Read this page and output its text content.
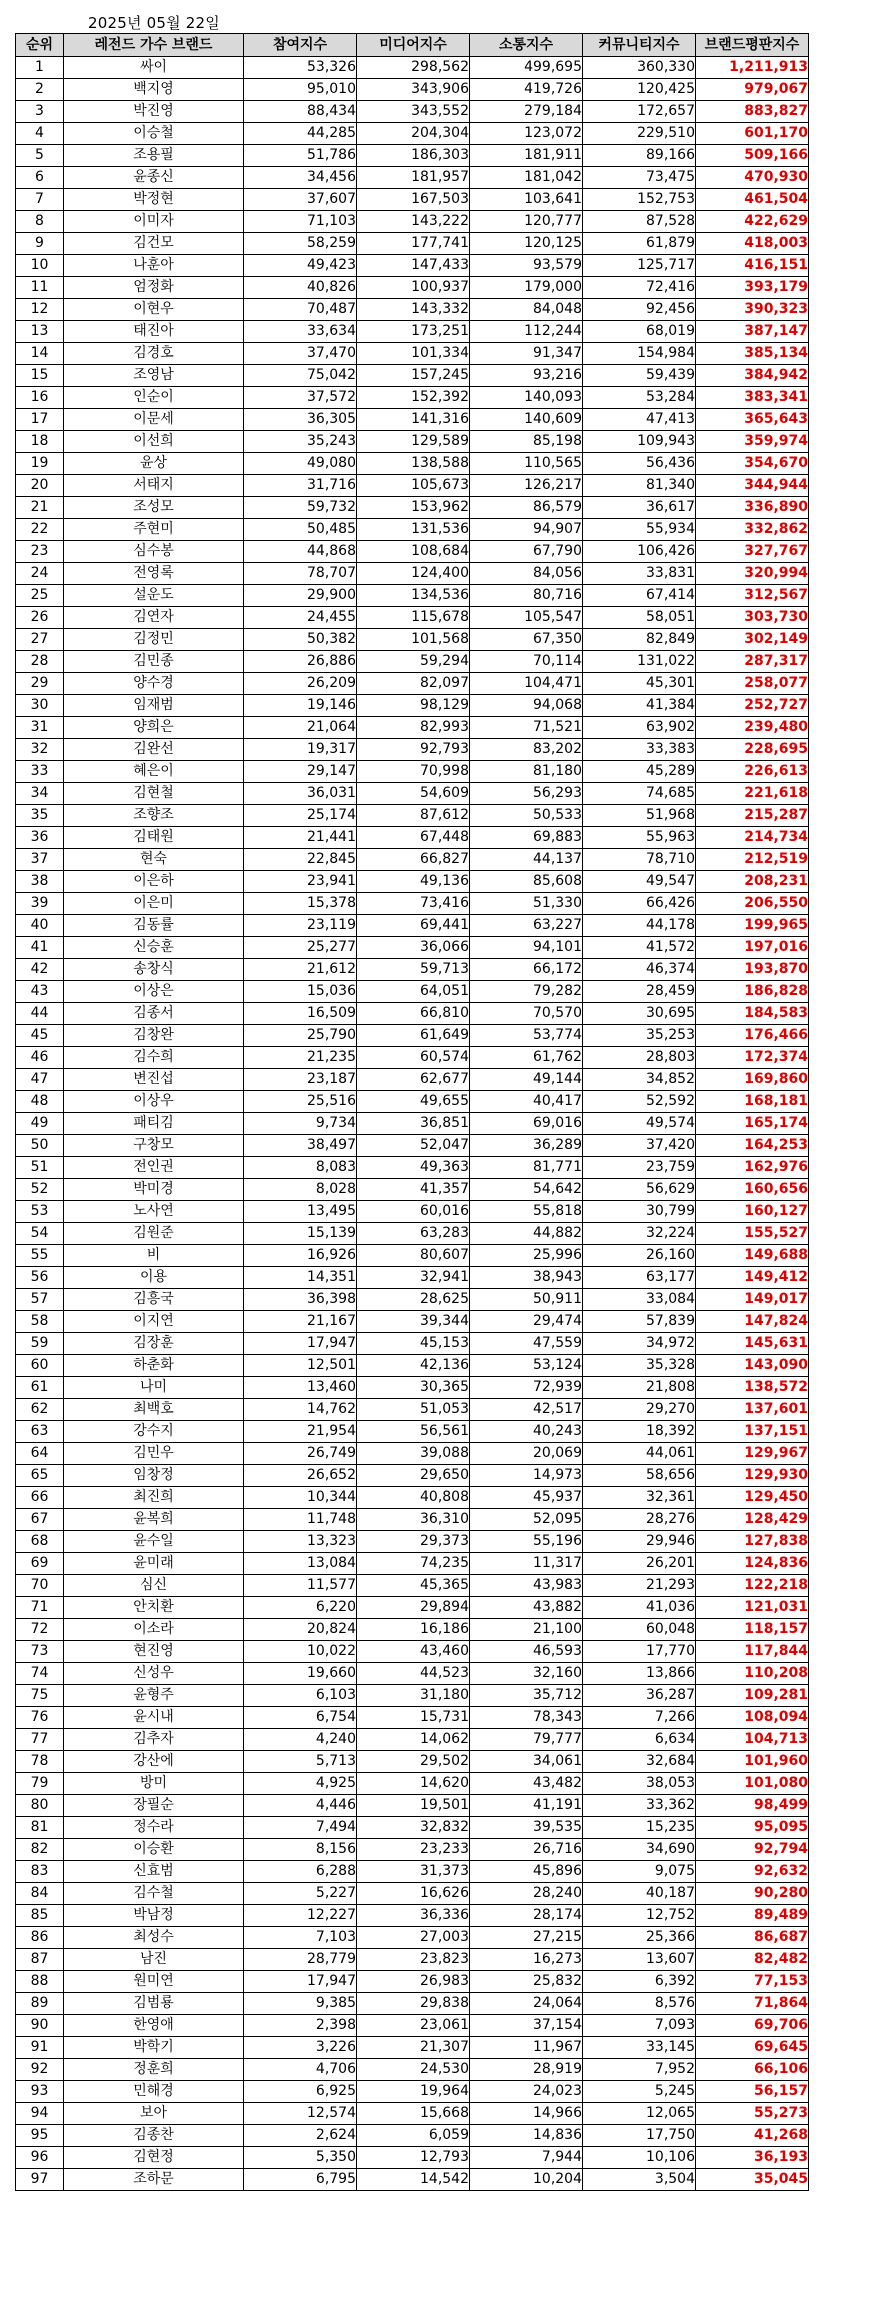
2025년 05월 22일
순위	레전드 가수 브랜드	참여지수	미디어지수	소통지수	커뮤니티지수	브랜드평판지수
1	싸이	53,326	298,562	499,695	360,330	1,211,913
2	백지영	95,010	343,906	419,726	120,425	979,067
3	박진영	88,434	343,552	279,184	172,657	883,827
4	이승철	44,285	204,304	123,072	229,510	601,170
5	조용필	51,786	186,303	181,911	89,166	509,166
6	윤종신	34,456	181,957	181,042	73,475	470,930
7	박정현	37,607	167,503	103,641	152,753	461,504
8	이미자	71,103	143,222	120,777	87,528	422,629
9	김건모	58,259	177,741	120,125	61,879	418,003
10	나훈아	49,423	147,433	93,579	125,717	416,151
11	엄정화	40,826	100,937	179,000	72,416	393,179
12	이현우	70,487	143,332	84,048	92,456	390,323
13	태진아	33,634	173,251	112,244	68,019	387,147
14	김경호	37,470	101,334	91,347	154,984	385,134
15	조영남	75,042	157,245	93,216	59,439	384,942
16	인순이	37,572	152,392	140,093	53,284	383,341
17	이문세	36,305	141,316	140,609	47,413	365,643
18	이선희	35,243	129,589	85,198	109,943	359,974
19	윤상	49,080	138,588	110,565	56,436	354,670
20	서태지	31,716	105,673	126,217	81,340	344,944
21	조성모	59,732	153,962	86,579	36,617	336,890
22	주현미	50,485	131,536	94,907	55,934	332,862
23	심수봉	44,868	108,684	67,790	106,426	327,767
24	전영록	78,707	124,400	84,056	33,831	320,994
25	설운도	29,900	134,536	80,716	67,414	312,567
26	김연자	24,455	115,678	105,547	58,051	303,730
27	김정민	50,382	101,568	67,350	82,849	302,149
28	김민종	26,886	59,294	70,114	131,022	287,317
29	양수경	26,209	82,097	104,471	45,301	258,077
30	임재범	19,146	98,129	94,068	41,384	252,727
31	양희은	21,064	82,993	71,521	63,902	239,480
32	김완선	19,317	92,793	83,202	33,383	228,695
33	혜은이	29,147	70,998	81,180	45,289	226,613
34	김현철	36,031	54,609	56,293	74,685	221,618
35	조향조	25,174	87,612	50,533	51,968	215,287
36	김태원	21,441	67,448	69,883	55,963	214,734
37	현숙	22,845	66,827	44,137	78,710	212,519
38	이은하	23,941	49,136	85,608	49,547	208,231
39	이은미	15,378	73,416	51,330	66,426	206,550
40	김동률	23,119	69,441	63,227	44,178	199,965
41	신승훈	25,277	36,066	94,101	41,572	197,016
42	송창식	21,612	59,713	66,172	46,374	193,870
43	이상은	15,036	64,051	79,282	28,459	186,828
44	김종서	16,509	66,810	70,570	30,695	184,583
45	김창완	25,790	61,649	53,774	35,253	176,466
46	김수희	21,235	60,574	61,762	28,803	172,374
47	변진섭	23,187	62,677	49,144	34,852	169,860
48	이상우	25,516	49,655	40,417	52,592	168,181
49	패티김	9,734	36,851	69,016	49,574	165,174
50	구창모	38,497	52,047	36,289	37,420	164,253
51	전인권	8,083	49,363	81,771	23,759	162,976
52	박미경	8,028	41,357	54,642	56,629	160,656
53	노사연	13,495	60,016	55,818	30,799	160,127
54	김원준	15,139	63,283	44,882	32,224	155,527
55	비	16,926	80,607	25,996	26,160	149,688
56	이용	14,351	32,941	38,943	63,177	149,412
57	김흥국	36,398	28,625	50,911	33,084	149,017
58	이지연	21,167	39,344	29,474	57,839	147,824
59	김장훈	17,947	45,153	47,559	34,972	145,631
60	하춘화	12,501	42,136	53,124	35,328	143,090
61	나미	13,460	30,365	72,939	21,808	138,572
62	최백호	14,762	51,053	42,517	29,270	137,601
63	강수지	21,954	56,561	40,243	18,392	137,151
64	김민우	26,749	39,088	20,069	44,061	129,967
65	임창정	26,652	29,650	14,973	58,656	129,930
66	최진희	10,344	40,808	45,937	32,361	129,450
67	윤복희	11,748	36,310	52,095	28,276	128,429
68	윤수일	13,323	29,373	55,196	29,946	127,838
69	윤미래	13,084	74,235	11,317	26,201	124,836
70	심신	11,577	45,365	43,983	21,293	122,218
71	안치환	6,220	29,894	43,882	41,036	121,031
72	이소라	20,824	16,186	21,100	60,048	118,157
73	현진영	10,022	43,460	46,593	17,770	117,844
74	신성우	19,660	44,523	32,160	13,866	110,208
75	윤형주	6,103	31,180	35,712	36,287	109,281
76	윤시내	6,754	15,731	78,343	7,266	108,094
77	김추자	4,240	14,062	79,777	6,634	104,713
78	강산에	5,713	29,502	34,061	32,684	101,960
79	방미	4,925	14,620	43,482	38,053	101,080
80	장필순	4,446	19,501	41,191	33,362	98,499
81	정수라	7,494	32,832	39,535	15,235	95,095
82	이승환	8,156	23,233	26,716	34,690	92,794
83	신효범	6,288	31,373	45,896	9,075	92,632
84	김수철	5,227	16,626	28,240	40,187	90,280
85	박남정	12,227	36,336	28,174	12,752	89,489
86	최성수	7,103	27,003	27,215	25,366	86,687
87	남진	28,779	23,823	16,273	13,607	82,482
88	원미연	17,947	26,983	25,832	6,392	77,153
89	김범룡	9,385	29,838	24,064	8,576	71,864
90	한영애	2,398	23,061	37,154	7,093	69,706
91	박학기	3,226	21,307	11,967	33,145	69,645
92	정훈희	4,706	24,530	28,919	7,952	66,106
93	민해경	6,925	19,964	24,023	5,245	56,157
94	보아	12,574	15,668	14,966	12,065	55,273
95	김종찬	2,624	6,059	14,836	17,750	41,268
96	김현정	5,350	12,793	7,944	10,106	36,193
97	조하문	6,795	14,542	10,204	3,504	35,045
